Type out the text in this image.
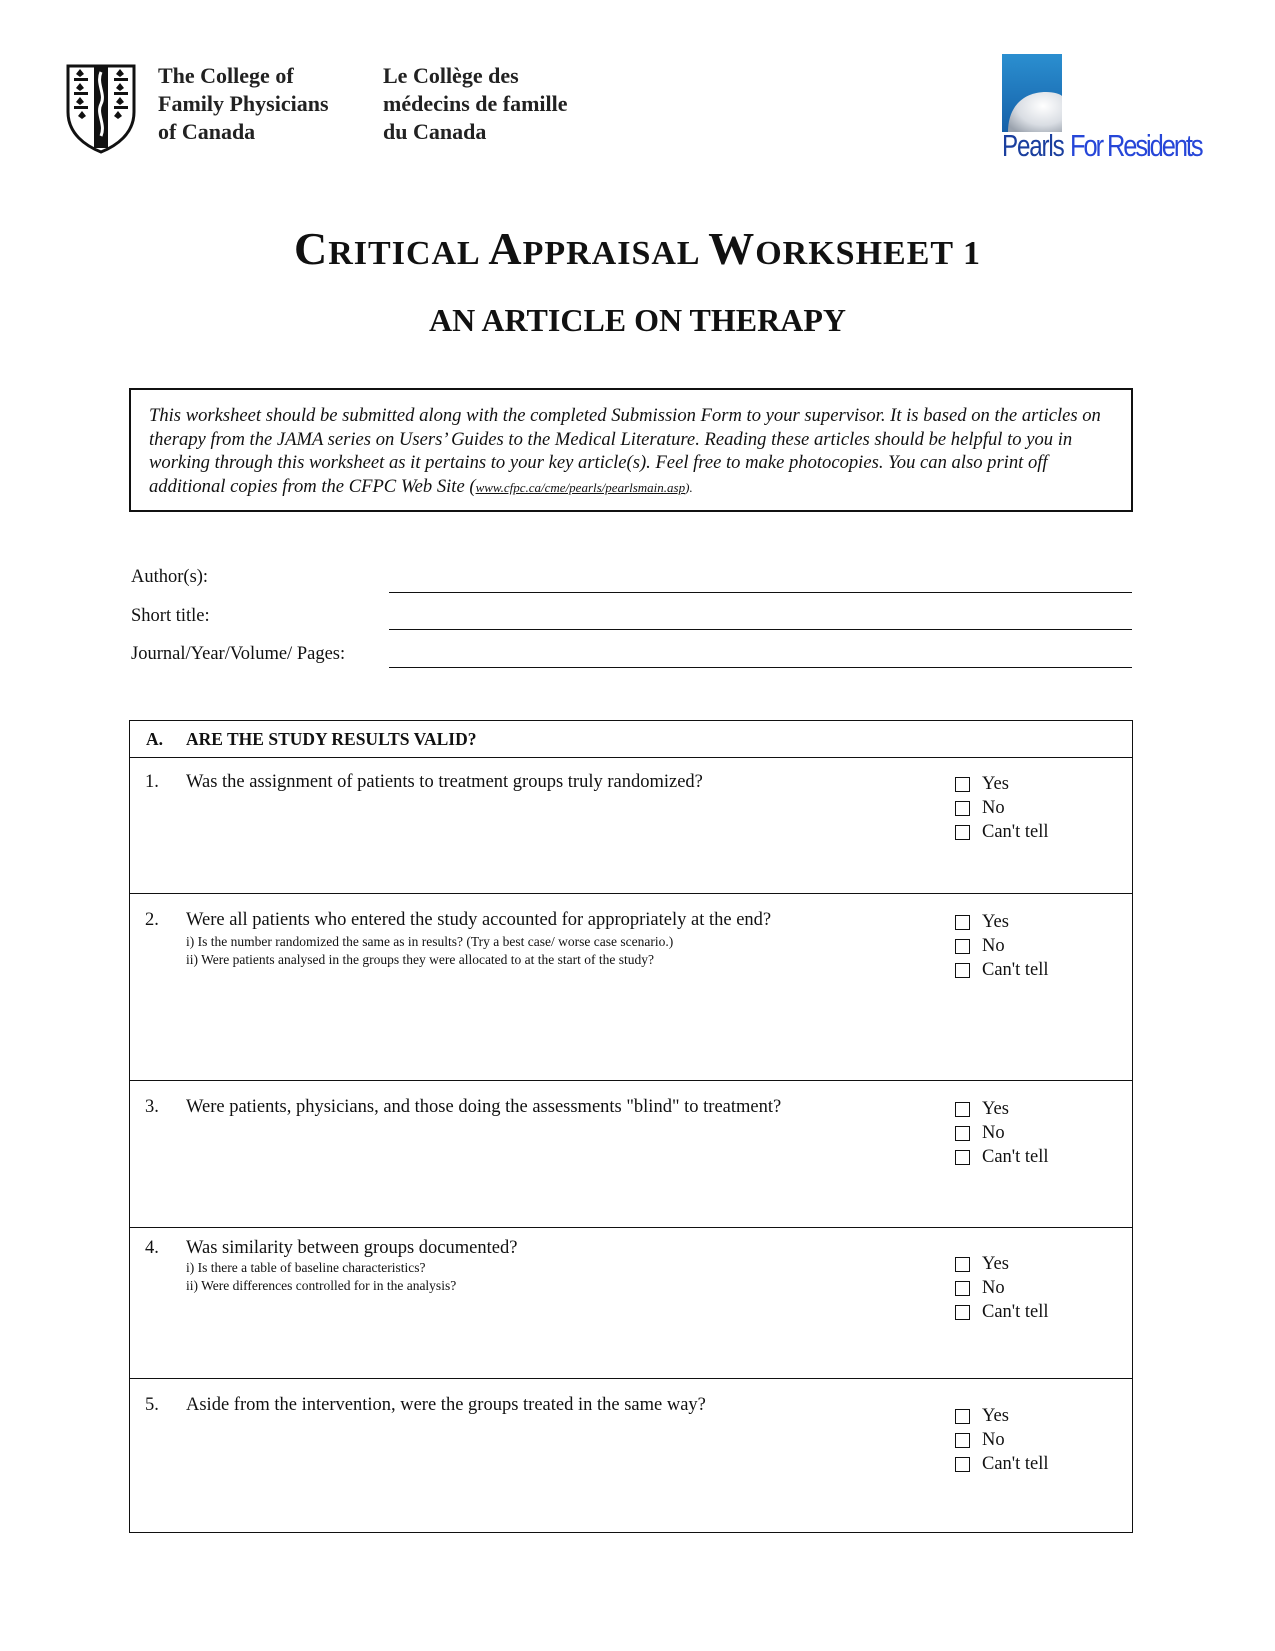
The College of
Family Physicians
of Canada
Le Collège des
médecins de famille
du Canada	Pearls For Residents
CRITICAL APPRAISAL WORKSHEET 1
AN ARTICLE ON THERAPY
This worksheet should be submitted along with the completed Submission Form to your supervisor. It is based on the articles on therapy from the JAMA series on Users’ Guides to the Medical Literature. Reading these articles should be helpful to you in working through this worksheet as it pertains to your key article(s). Feel free to make photocopies. You can also print off additional copies from the CFPC Web Site (www.cfpc.ca/cme/pearls/pearlsmain.asp).
Author(s):
Short title:
Journal/Year/Volume/ Pages:
A. ARE THE STUDY RESULTS VALID?
1. Was the assignment of patients to treatment groups truly randomized?	Yes
No
Can't tell
2. Were all patients who entered the study accounted for appropriately at the end?
i) Is the number randomized the same as in results? (Try a best case/ worse case scenario.)
ii) Were patients analysed in the groups they were allocated to at the start of the study?
Yes
No
Can't tell
3. Were patients, physicians, and those doing the assessments "blind" to treatment?	Yes
No
Can't tell
4. Was similarity between groups documented?
i) Is there a table of baseline characteristics?
ii) Were differences controlled for in the analysis?
Yes
No
Can't tell
5. Aside from the intervention, were the groups treated in the same way?
Yes
No
Can't tell
